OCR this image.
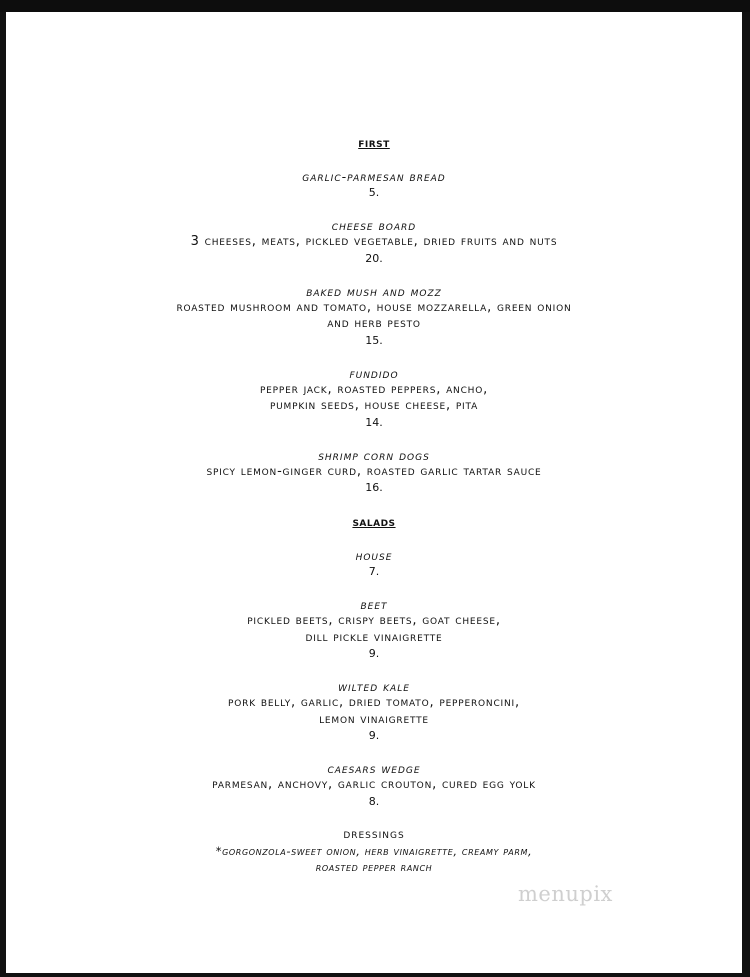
first
garlic-parmesan bread
5.
cheese board
3 cheeses, meats, pickled vegetable, dried fruits and nuts
20.
baked mush and mozz
roasted mushroom and tomato, house mozzarella, green onion
and herb pesto
15.
fundido
pepper jack, roasted peppers, ancho,
pumpkin seeds, house cheese, pita
14.
shrimp corn dogs
spicy lemon-ginger curd, roasted garlic tartar sauce
16.
salads
house
7.
beet
pickled beets, crispy beets, goat cheese,
dill pickle vinaigrette
9.
wilted kale
pork belly, garlic, dried tomato, pepperoncini,
lemon vinaigrette
9.
caesars wedge
parmesan, anchovy, garlic crouton, cured egg yolk
8.
dressings
*gorgonzola-sweet onion, herb vinaigrette, creamy parm,
roasted pepper ranch
menupix
